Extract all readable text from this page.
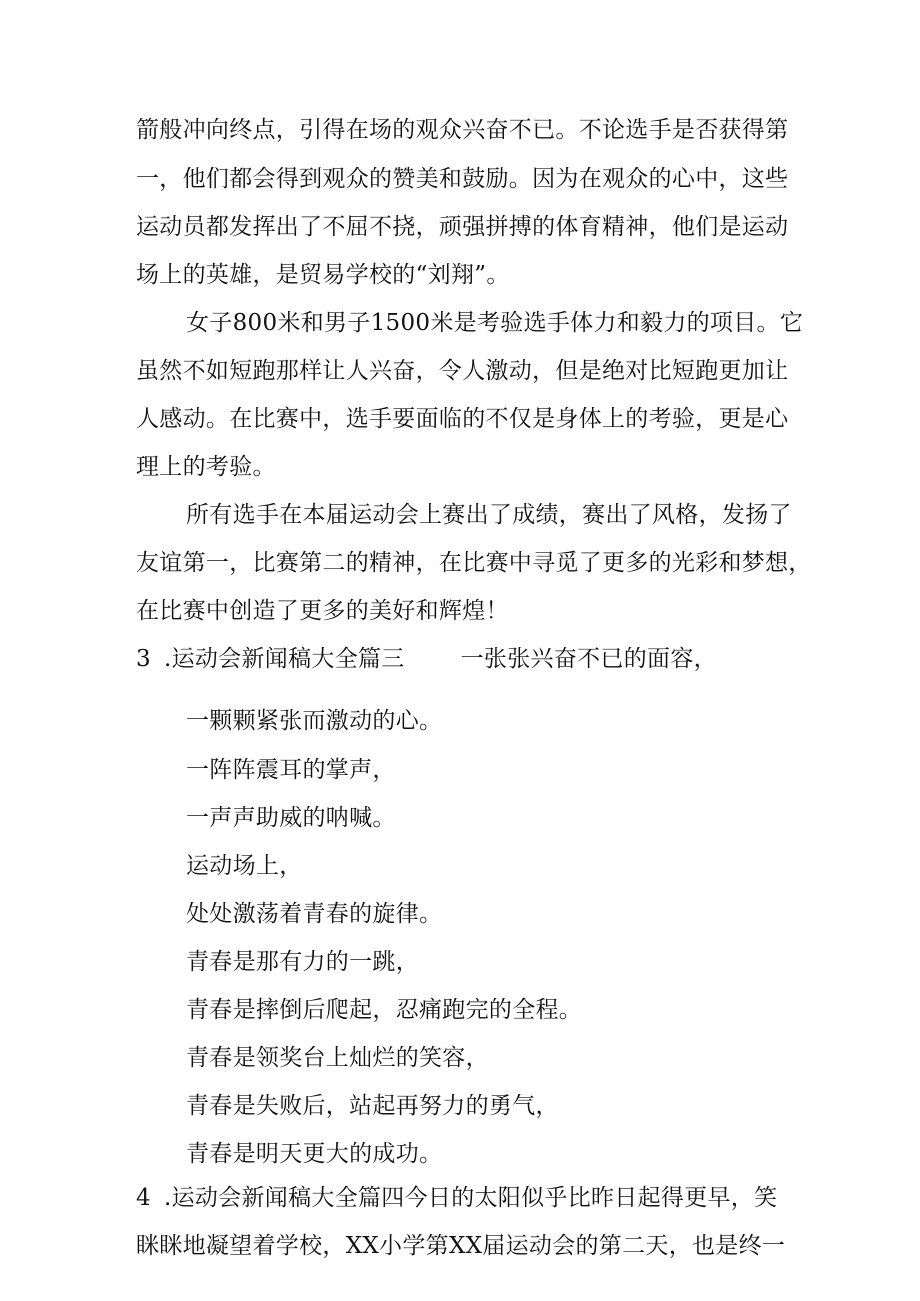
箭般冲向终点，引得在场的观众兴奋不已。不论选手是否获得第
一，他们都会得到观众的赞美和鼓励。因为在观众的心中，这些
运动员都发挥出了不屈不挠，顽强拼搏的体育精神，他们是运动
场上的英雄，是贸易学校的“刘翔”。
女子800米和男子1500米是考验选手体力和毅力的项目。它
虽然不如短跑那样让人兴奋，令人激动，但是绝对比短跑更加让
人感动。在比赛中，选手要面临的不仅是身体上的考验，更是心
理上的考验。
所有选手在本届运动会上赛出了成绩，赛出了风格，发扬了
友谊第一，比赛第二的精神，在比赛中寻觅了更多的光彩和梦想，
在比赛中创造了更多的美好和辉煌！
3 .运动会新闻稿大全篇三 一张张兴奋不已的面容，
一颗颗紧张而激动的心。
一阵阵震耳的掌声，
一声声助威的呐喊。
运动场上，
处处激荡着青春的旋律。
青春是那有力的一跳，
青春是摔倒后爬起，忍痛跑完的全程。
青春是领奖台上灿烂的笑容，
青春是失败后，站起再努力的勇气，
青春是明天更大的成功。
4 .运动会新闻稿大全篇四今日的太阳似乎比昨日起得更早，笑
眯眯地凝望着学校，XX小学第XX届运动会的第二天，也是终一
